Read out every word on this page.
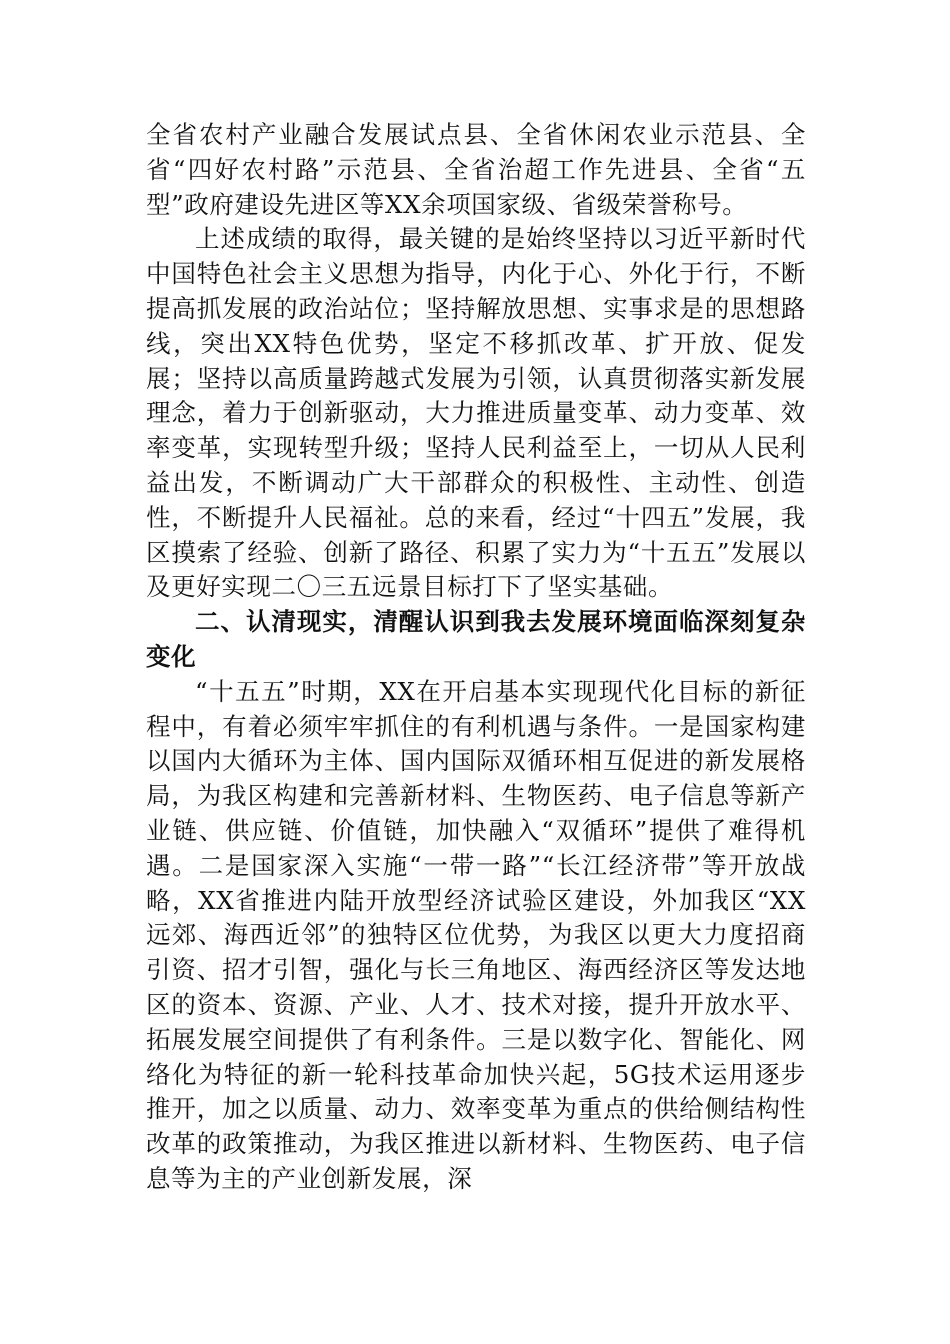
全省农村产业融合发展试点县、全省休闲农业示范县、全省“四好农村路”示范县、全省治超工作先进县、全省“五型”政府建设先进区等XX余项国家级、省级荣誉称号。

上述成绩的取得，最关键的是始终坚持以习近平新时代中国特色社会主义思想为指导，内化于心、外化于行，不断提高抓发展的政治站位；坚持解放思想、实事求是的思想路线，突出XX特色优势，坚定不移抓改革、扩开放、促发展；坚持以高质量跨越式发展为引领，认真贯彻落实新发展理念，着力于创新驱动，大力推进质量变革、动力变革、效率变革，实现转型升级；坚持人民利益至上，一切从人民利益出发，不断调动广大干部群众的积极性、主动性、创造性，不断提升人民福祉。总的来看，经过“十四五”发展，我区摸索了经验、创新了路径、积累了实力为“十五五”发展以及更好实现二〇三五远景目标打下了坚实基础。

二、认清现实，清醒认识到我去发展环境面临深刻复杂变化

“十五五”时期，XX在开启基本实现现代化目标的新征程中，有着必须牢牢抓住的有利机遇与条件。一是国家构建以国内大循环为主体、国内国际双循环相互促进的新发展格局，为我区构建和完善新材料、生物医药、电子信息等新产业链、供应链、价值链，加快融入“双循环”提供了难得机遇。二是国家深入实施“一带一路”“长江经济带”等开放战略，XX省推进内陆开放型经济试验区建设，外加我区“XX远郊、海西近邻”的独特区位优势，为我区以更大力度招商引资、招才引智，强化与长三角地区、海西经济区等发达地区的资本、资源、产业、人才、技术对接，提升开放水平、拓展发展空间提供了有利条件。三是以数字化、智能化、网络化为特征的新一轮科技革命加快兴起，5G技术运用逐步推开，加之以质量、动力、效率变革为重点的供给侧结构性改革的政策推动，为我区推进以新材料、生物医药、电子信息等为主的产业创新发展，深
